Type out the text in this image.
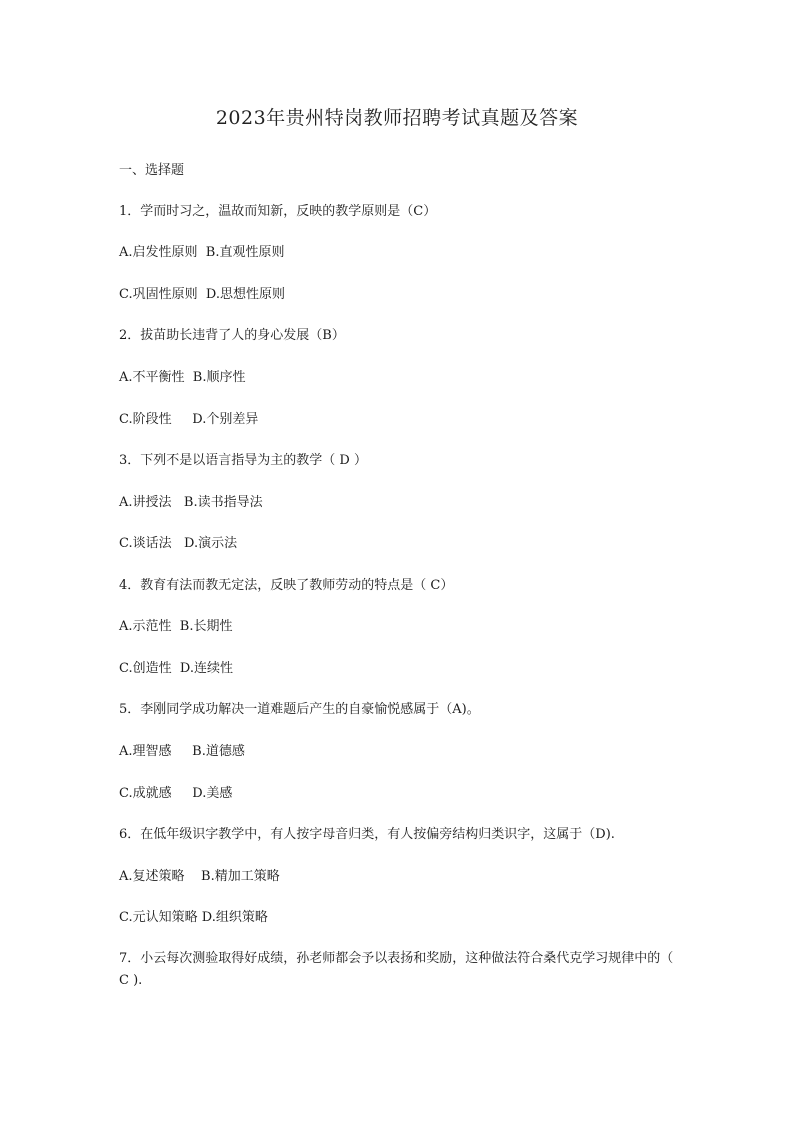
2023年贵州特岗教师招聘考试真题及答案
一、选择题
1．学而时习之，温故而知新，反映的教学原则是（C）
A.启发性原则  B.直观性原则
C.巩固性原则  D.思想性原则
2．拔苗助长违背了人的身心发展（B）
A.不平衡性  B.顺序性
C.阶段性     D.个别差异
3．下列不是以语言指导为主的教学（ D ）
A.讲授法   B.读书指导法
C.谈话法   D.演示法
4．教育有法而教无定法，反映了教师劳动的特点是（ C）
A.示范性  B.长期性
C.创造性  D.连续性
5．李刚同学成功解决一道难题后产生的自豪愉悦感属于（A)。
A.理智感     B.道德感
C.成就感     D.美感
6．在低年级识字教学中，有人按字母音归类，有人按偏旁结构归类识字，这属于（D).
A.复述策略    B.精加工策略
C.元认知策略 D.组织策略
7．小云每次测验取得好成绩，孙老师都会予以表扬和奖励，这种做法符合桑代克学习规律中的（ C ).
